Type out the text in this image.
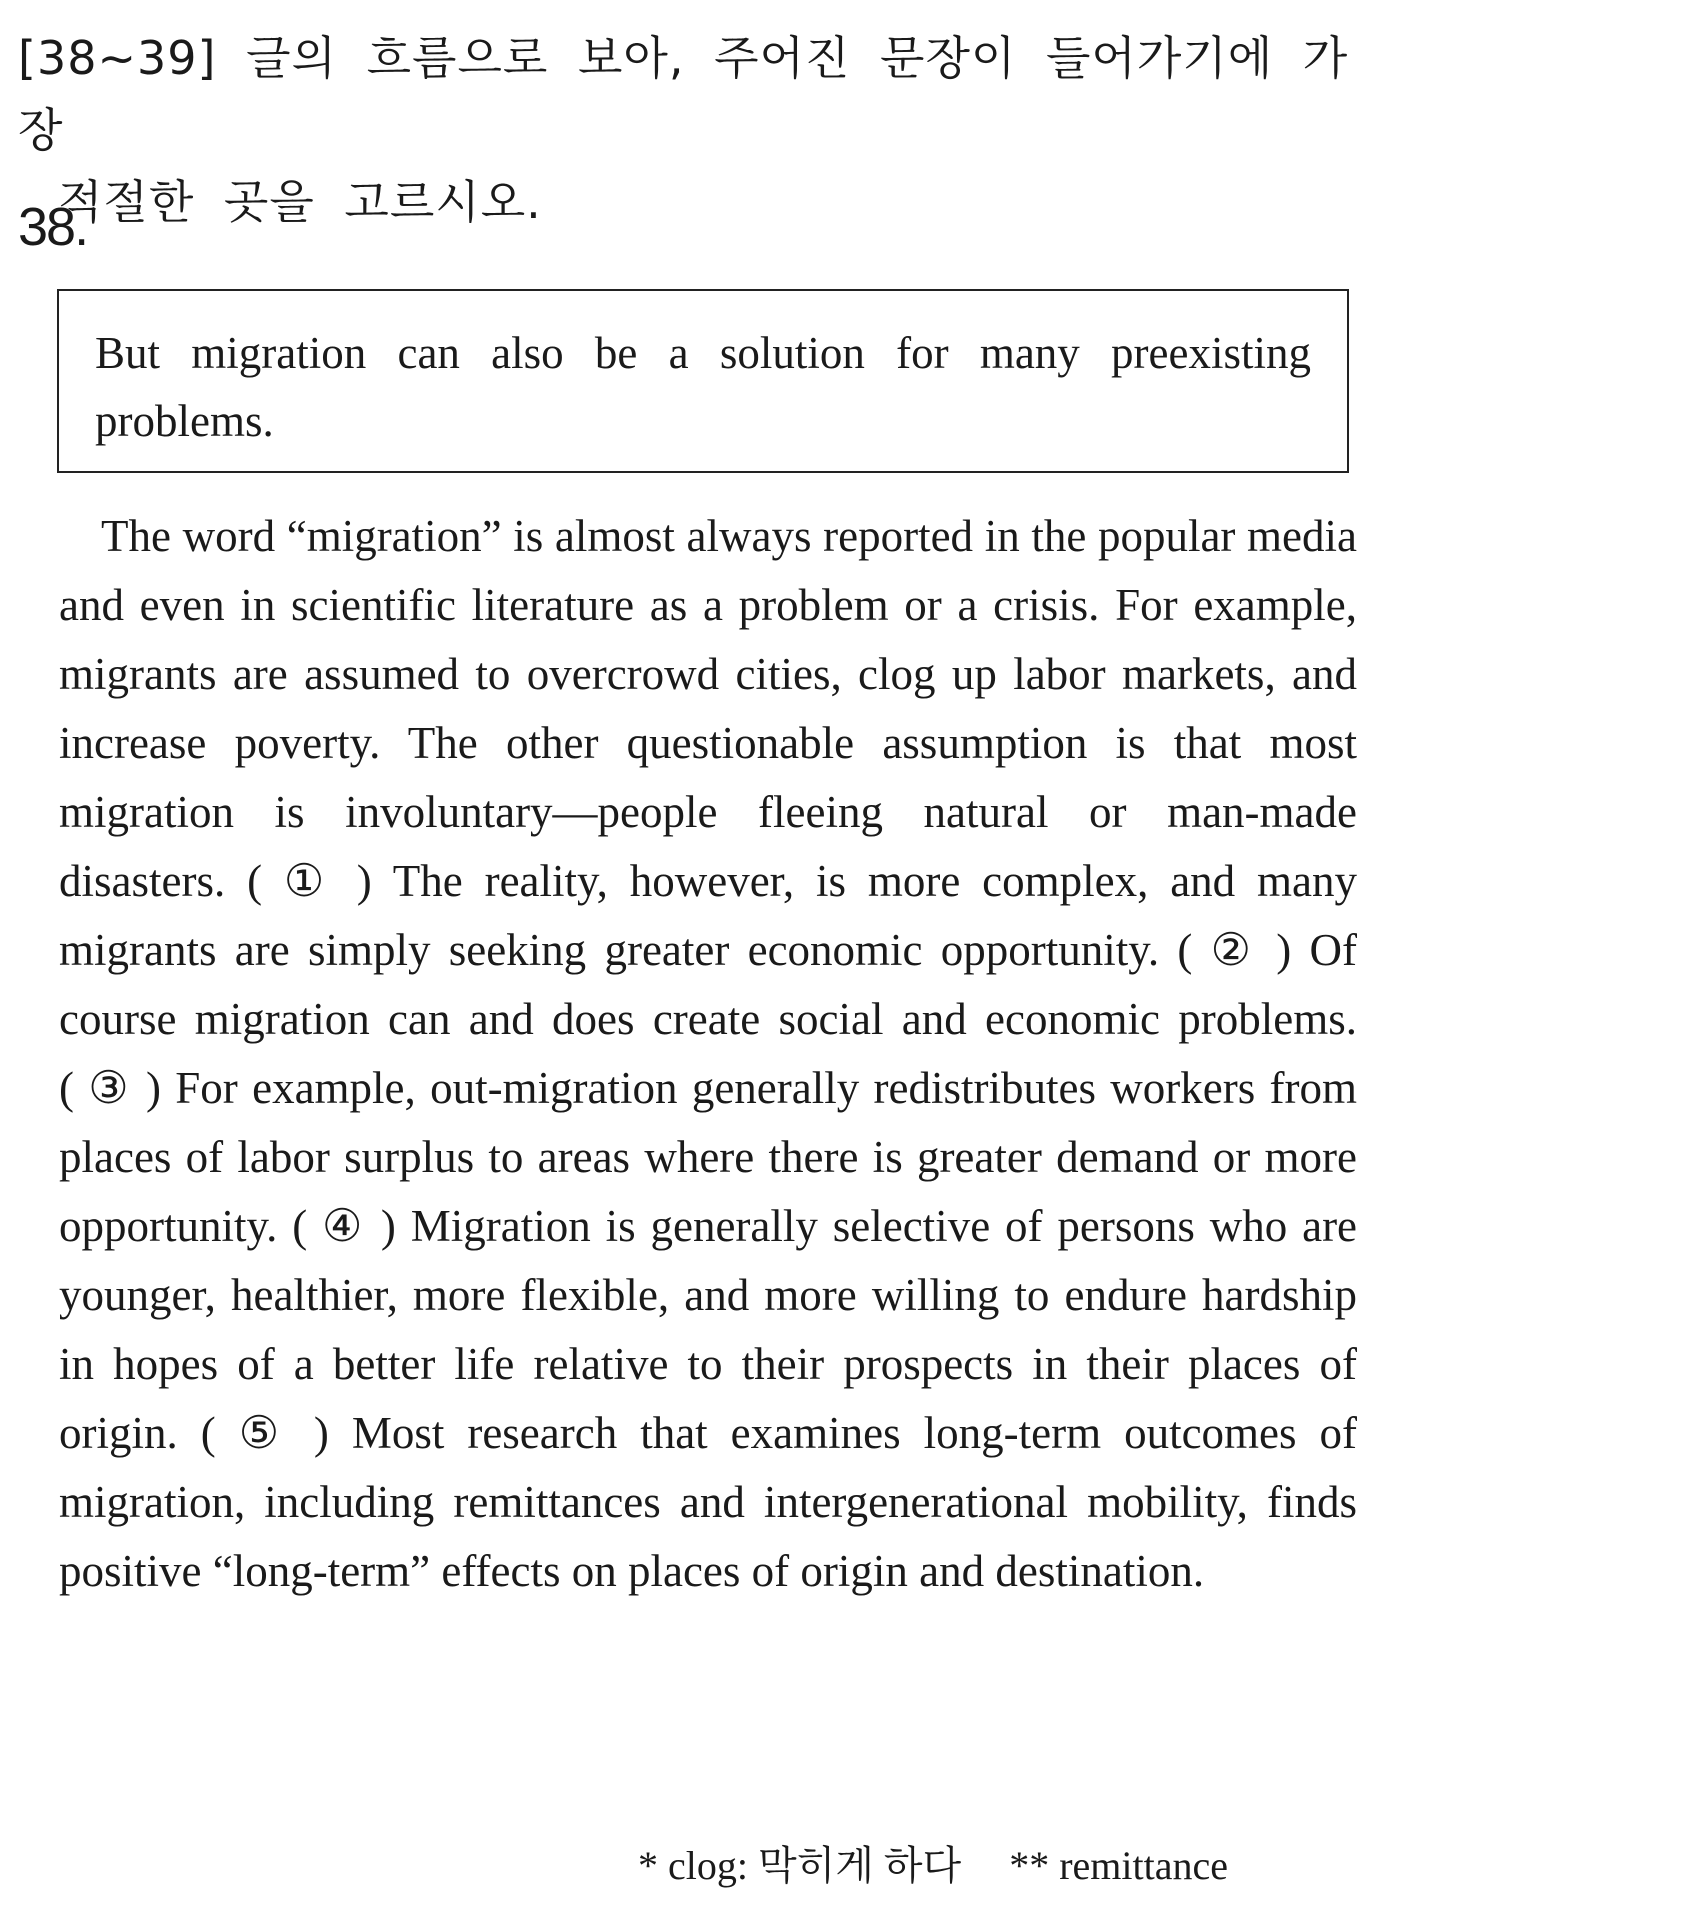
[38~39] 글의 흐름으로 보아, 주어진 문장이 들어가기에 가장
적절한 곳을 고르시오.
38.
But migration can also be a solution for many preexisting problems.

The word “migration” is almost always reported in the popular media and even in scientific literature as a problem or a crisis. For example, migrants are assumed to overcrowd cities, clog up labor markets, and increase poverty. The other questionable assumption is that most migration is involuntary—people fleeing natural or man-made disasters. ( ① ) The reality, however, is more complex, and many migrants are simply seeking greater economic opportunity. ( ② ) Of course migration can and does create social and economic problems. ( ③ ) For example, out-migration generally redistributes workers from places of labor surplus to areas where there is greater demand or more opportunity. ( ④ ) Migration is generally selective of persons who are younger, healthier, more flexible, and more willing to endure hardship in hopes of a better life relative to their prospects in their places of origin. ( ⑤ ) Most research that examines long-term outcomes of migration, including remittances and intergenerational mobility, finds positive “long-term” effects on places of origin and destination.

* clog: 막히게 하다 ** remittance
